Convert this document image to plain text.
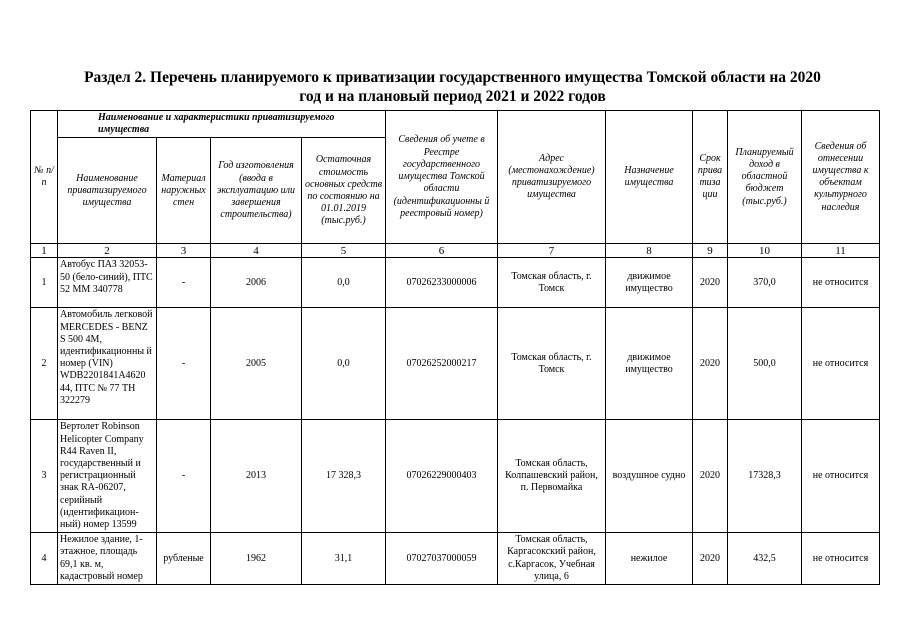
Раздел 2. Перечень планируемого к приватизации государственного имущества Томской области на 2020
год и на плановый период 2021 и 2022 годов
№ п/п	Наименование и характеристики приватизируемого имущества				Сведения об учете в Реестре государственного имущества Томской области (идентификационны й реестровый номер)	Адрес (местонахождение) приватизируемого имущества	Назначение имущества	Срок прива тиза ции	Планируемый доход в областной бюджет (тыс.руб.)	Сведения об отнесении имущества к объектам культурного наследия
	Наименование приватизируемого имущества	Материал наружных стен	Год изготовления (ввода в эксплуатацию или завершения строительства)	Остаточная стоимость основных средств по состоянию на 01.01.2019 (тыс.руб.)						
1	2	3	4	5	6	7	8	9	10	11
1	Автобус ПАЗ 32053-50 (бело-синий), ПТС 52 ММ 340778	-	2006	0,0	07026233000006	Томская область, г. Томск	движимое имущество	2020	370,0	не относится
2	Автомобиль легковой MERCEDES - BENZ S 500 4M, идентификационны й номер (VIN) WDB2201841A4620 44, ПТС № 77 ТН 322279	-	2005	0,0	07026252000217	Томская область, г. Томск	движимое имущество	2020	500,0	не относится
3	Вертолет Robinson Helicopter Company R44 Raven II, государственный и регистрационный знак RA-06207, серийный (идентификацион-ный) номер 13599	-	2013	17 328,3	07026229000403	Томская область, Колпашевский район, п. Первомайка	воздушное судно	2020	17328,3	не относится
4	Нежилое здание, 1-этажное, площадь 69,1 кв. м, кадастровый номер	рубленые	1962	31,1	07027037000059	Томская область, Каргасокский район, с.Каргасок, Учебная улица, 6	нежилое	2020	432,5	не относится
